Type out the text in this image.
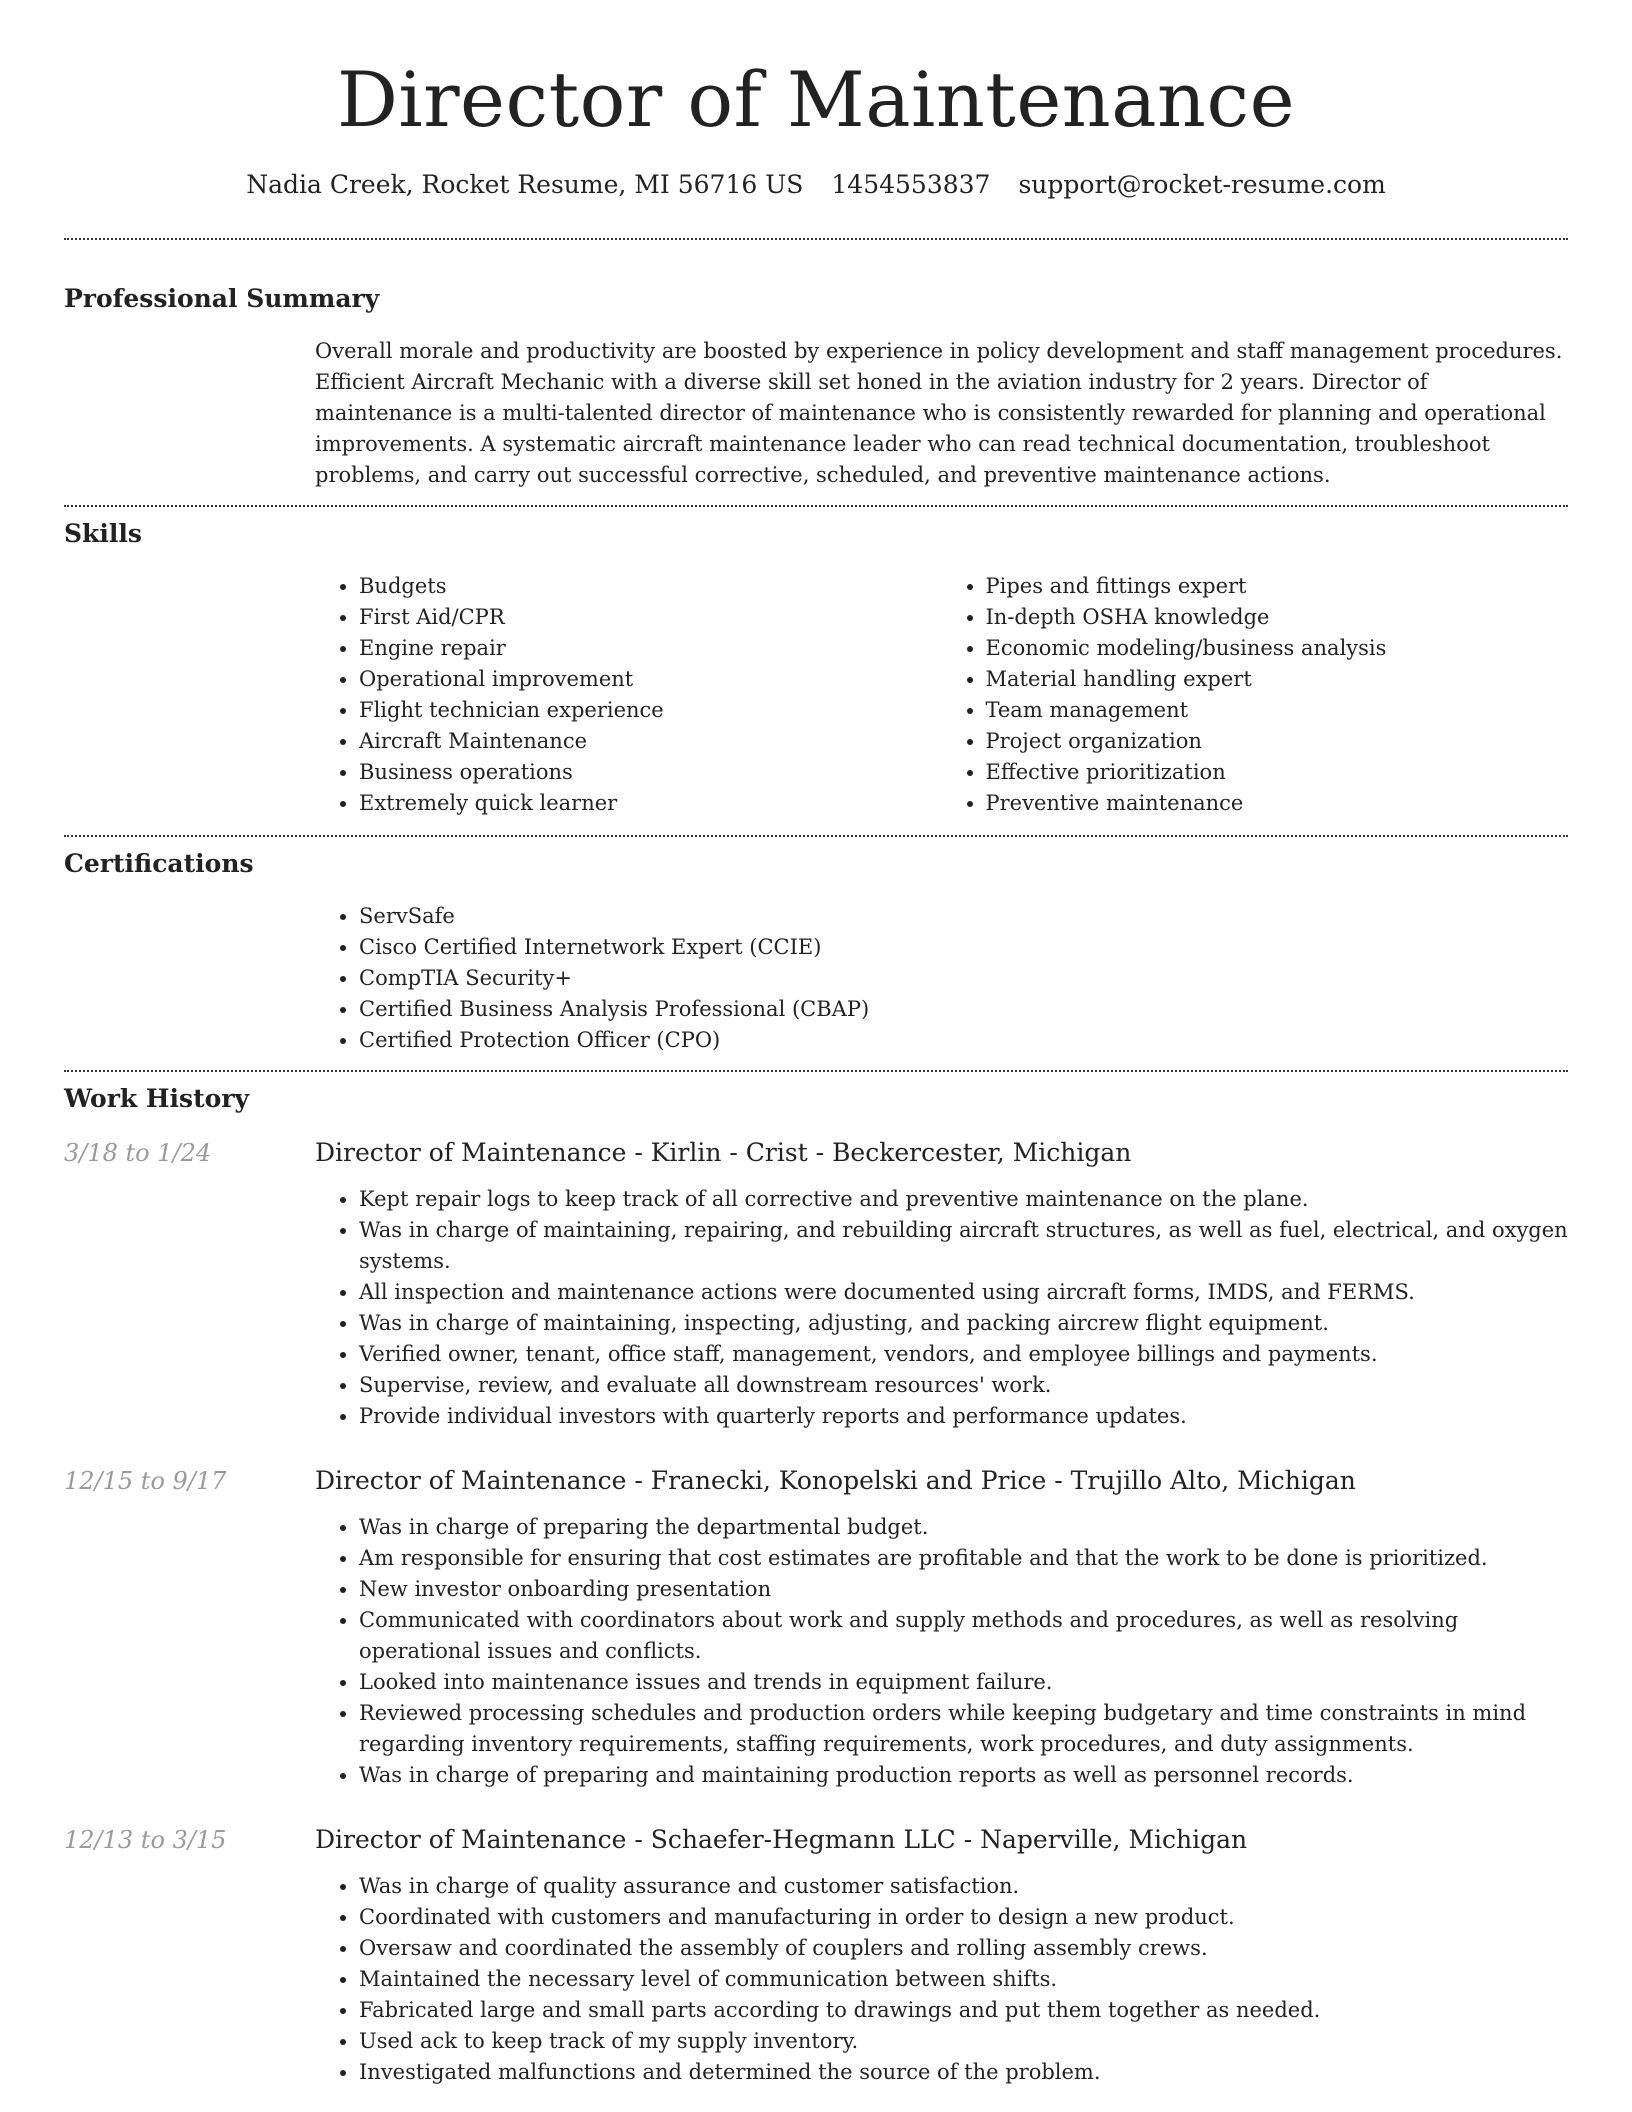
Director of Maintenance
Nadia Creek, Rocket Resume, MI 56716 US 1454553837 support@rocket-resume.com
Professional Summary

Overall morale and productivity are boosted by experience in policy development and staff management procedures. Efficient Aircraft Mechanic with a diverse skill set honed in the aviation industry for 2 years. Director of maintenance is a multi-talented director of maintenance who is consistently rewarded for planning and operational improvements. A systematic aircraft maintenance leader who can read technical documentation, troubleshoot problems, and carry out successful corrective, scheduled, and preventive maintenance actions.

Skills
• Budgets
• First Aid/CPR
• Engine repair
• Operational improvement
• Flight technician experience
• Aircraft Maintenance
• Business operations
• Extremely quick learner
• Pipes and fittings expert
• In-depth OSHA knowledge
• Economic modeling/business analysis
• Material handling expert
• Team management
• Project organization
• Effective prioritization
• Preventive maintenance
Certifications
• ServSafe
• Cisco Certified Internetwork Expert (CCIE)
• CompTIA Security+
• Certified Business Analysis Professional (CBAP)
• Certified Protection Officer (CPO)
Work History
3/18 to 1/24	Director of Maintenance - Kirlin - Crist - Beckercester, Michigan
• Kept repair logs to keep track of all corrective and preventive maintenance on the plane.
• Was in charge of maintaining, repairing, and rebuilding aircraft structures, as well as fuel, electrical, and oxygen systems.
• All inspection and maintenance actions were documented using aircraft forms, IMDS, and FERMS.
• Was in charge of maintaining, inspecting, adjusting, and packing aircrew flight equipment.
• Verified owner, tenant, office staff, management, vendors, and employee billings and payments.
• Supervise, review, and evaluate all downstream resources' work.
• Provide individual investors with quarterly reports and performance updates.
12/15 to 9/17	Director of Maintenance - Franecki, Konopelski and Price - Trujillo Alto, Michigan
• Was in charge of preparing the departmental budget.
• Am responsible for ensuring that cost estimates are profitable and that the work to be done is prioritized.
• New investor onboarding presentation
• Communicated with coordinators about work and supply methods and procedures, as well as resolving operational issues and conflicts.
• Looked into maintenance issues and trends in equipment failure.
• Reviewed processing schedules and production orders while keeping budgetary and time constraints in mind regarding inventory requirements, staffing requirements, work procedures, and duty assignments.
• Was in charge of preparing and maintaining production reports as well as personnel records.
12/13 to 3/15	Director of Maintenance - Schaefer-Hegmann LLC - Naperville, Michigan
• Was in charge of quality assurance and customer satisfaction.
• Coordinated with customers and manufacturing in order to design a new product.
• Oversaw and coordinated the assembly of couplers and rolling assembly crews.
• Maintained the necessary level of communication between shifts.
• Fabricated large and small parts according to drawings and put them together as needed.
• Used ack to keep track of my supply inventory.
• Investigated malfunctions and determined the source of the problem.
